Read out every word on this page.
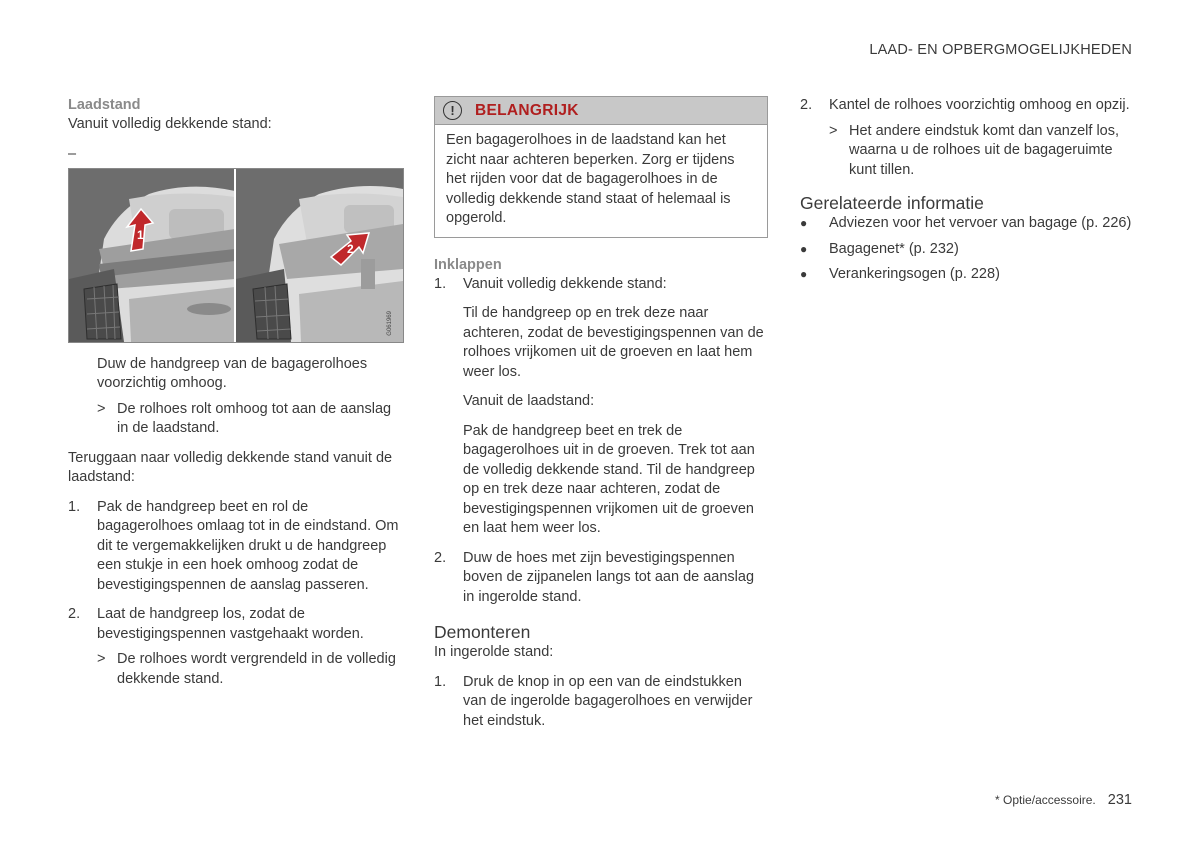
LAAD- EN OPBERGMOGELIJKHEDEN
Laadstand

Vanuit volledig dekkende stand:

–
1
2
G061969

Duw de handgreep van de bagagerolhoes voorzichtig omhoog.

> De rolhoes rolt omhoog tot aan de aanslag in de laadstand.

Teruggaan naar volledig dekkende stand vanuit de laadstand:

1. Pak de handgreep beet en rol de bagagerolhoes omlaag tot in de eindstand. Om dit te vergemakkelijken drukt u de handgreep een stukje in een hoek omhoog zodat de bevestigingspennen de aanslag passeren.
2. Laat de handgreep los, zodat de bevestigingspennen vastgehaakt worden.
> De rolhoes wordt vergrendeld in de volledig dekkende stand.
!	BELANGRIJK
Een bagagerolhoes in de laadstand kan het zicht naar achteren beperken. Zorg er tijdens het rijden voor dat de bagagerolhoes in de volledig dekkende stand staat of helemaal is opgerold.
Inklappen
1. Vanuit volledig dekkende stand:

Til de handgreep op en trek deze naar achteren, zodat de bevestigingspennen van de rolhoes vrijkomen uit de groeven en laat hem weer los.

Vanuit de laadstand:

Pak de handgreep beet en trek de bagagerolhoes uit in de groeven. Trek tot aan de volledig dekkende stand. Til de handgreep op en trek deze naar achteren, zodat de bevestigingspennen vrijkomen uit de groeven en laat hem weer los.

2. Duw de hoes met zijn bevestigingspennen boven de zijpanelen langs tot aan de aanslag in ingerolde stand.
Demonteren

In ingerolde stand:

1. Druk de knop in op een van de eindstukken van de ingerolde bagagerolhoes en verwijder het eindstuk.
2. Kantel de rolhoes voorzichtig omhoog en opzij.
> Het andere eindstuk komt dan vanzelf los, waarna u de rolhoes uit de bagageruimte kunt tillen.
Gerelateerde informatie
● Adviezen voor het vervoer van bagage (p. 226)
● Bagagenet* (p. 232)
● Verankeringsogen (p. 228)
* Optie/accessoire. 231
